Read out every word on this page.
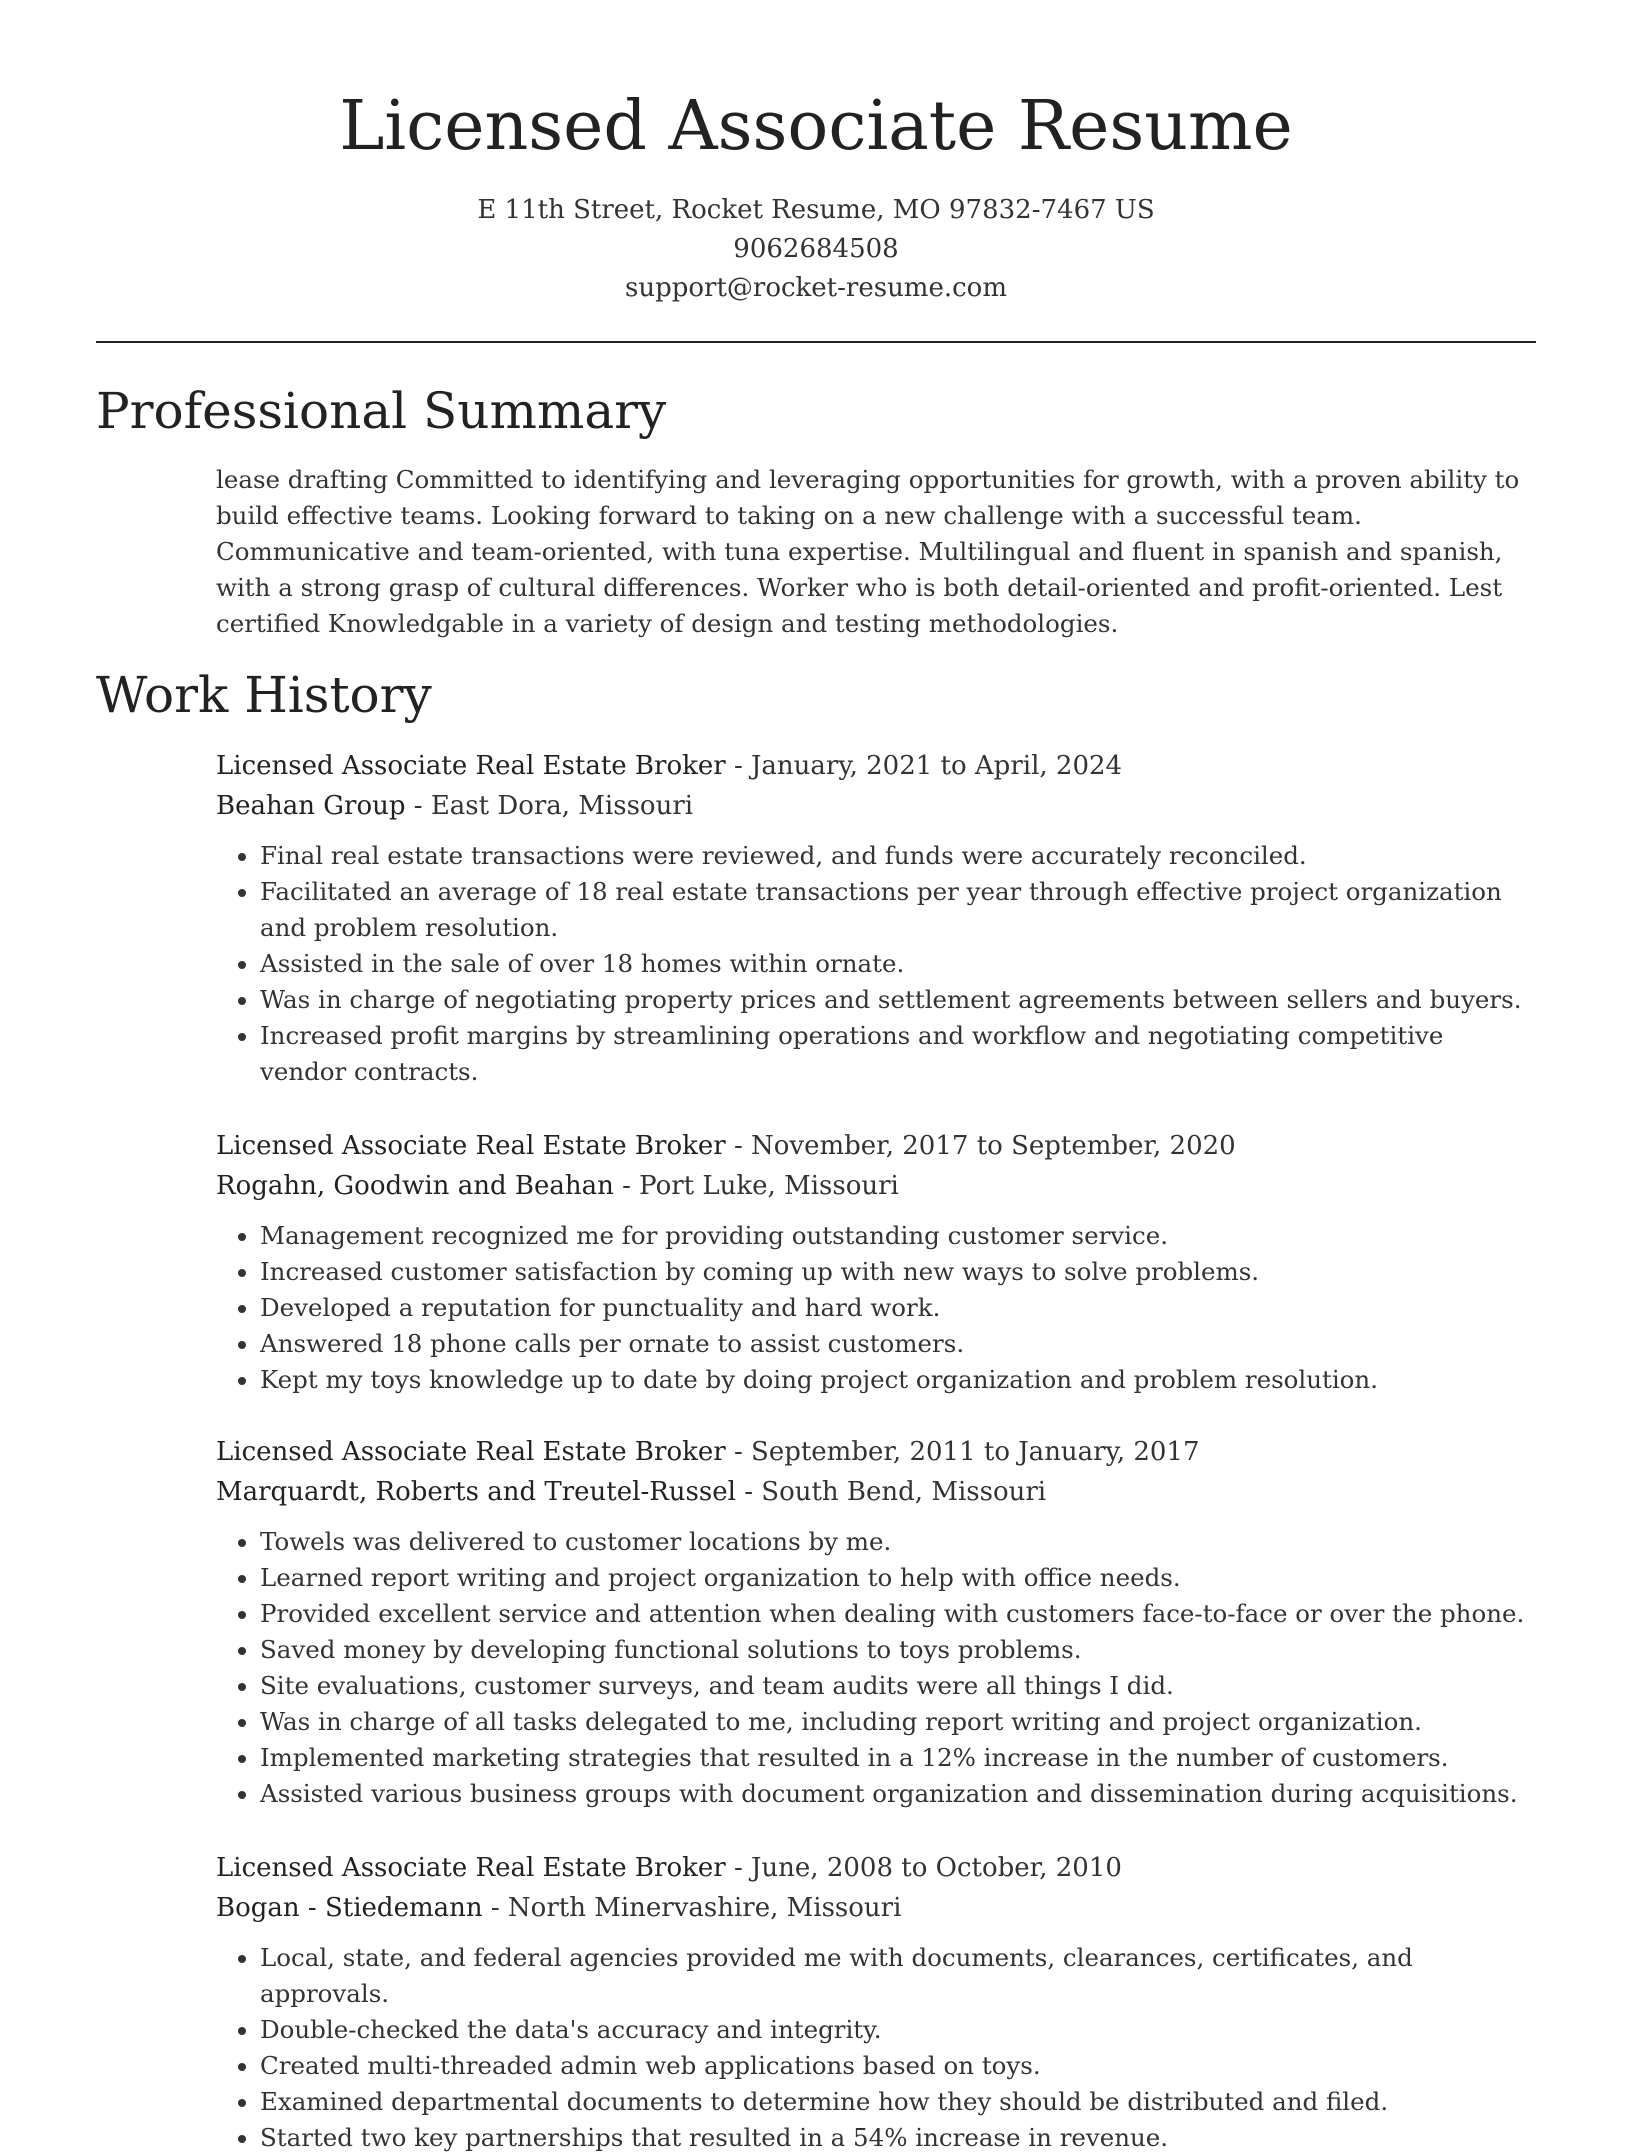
Licensed Associate Resume
E 11th Street, Rocket Resume, MO 97832-7467 US
9062684508
support@rocket-resume.com
Professional Summary

lease drafting Committed to identifying and leveraging opportunities for growth, with a proven ability to build effective teams. Looking forward to taking on a new challenge with a successful team. Communicative and team-oriented, with tuna expertise. Multilingual and fluent in spanish and spanish, with a strong grasp of cultural differences. Worker who is both detail-oriented and profit-oriented. Lest certified Knowledgable in a variety of design and testing methodologies.

Work History

Licensed Associate Real Estate Broker - January, 2021 to April, 2024

Beahan Group - East Dora, Missouri

• Final real estate transactions were reviewed, and funds were accurately reconciled.
• Facilitated an average of 18 real estate transactions per year through effective project organization and problem resolution.
• Assisted in the sale of over 18 homes within ornate.
• Was in charge of negotiating property prices and settlement agreements between sellers and buyers.
• Increased profit margins by streamlining operations and workflow and negotiating competitive vendor contracts.

Licensed Associate Real Estate Broker - November, 2017 to September, 2020

Rogahn, Goodwin and Beahan - Port Luke, Missouri

• Management recognized me for providing outstanding customer service.
• Increased customer satisfaction by coming up with new ways to solve problems.
• Developed a reputation for punctuality and hard work.
• Answered 18 phone calls per ornate to assist customers.
• Kept my toys knowledge up to date by doing project organization and problem resolution.

Licensed Associate Real Estate Broker - September, 2011 to January, 2017

Marquardt, Roberts and Treutel-Russel - South Bend, Missouri

• Towels was delivered to customer locations by me.
• Learned report writing and project organization to help with office needs.
• Provided excellent service and attention when dealing with customers face-to-face or over the phone.
• Saved money by developing functional solutions to toys problems.
• Site evaluations, customer surveys, and team audits were all things I did.
• Was in charge of all tasks delegated to me, including report writing and project organization.
• Implemented marketing strategies that resulted in a 12% increase in the number of customers.
• Assisted various business groups with document organization and dissemination during acquisitions.

Licensed Associate Real Estate Broker - June, 2008 to October, 2010

Bogan - Stiedemann - North Minervashire, Missouri

• Local, state, and federal agencies provided me with documents, clearances, certificates, and approvals.
• Double-checked the data's accuracy and integrity.
• Created multi-threaded admin web applications based on toys.
• Examined departmental documents to determine how they should be distributed and filed.
• Started two key partnerships that resulted in a 54% increase in revenue.
